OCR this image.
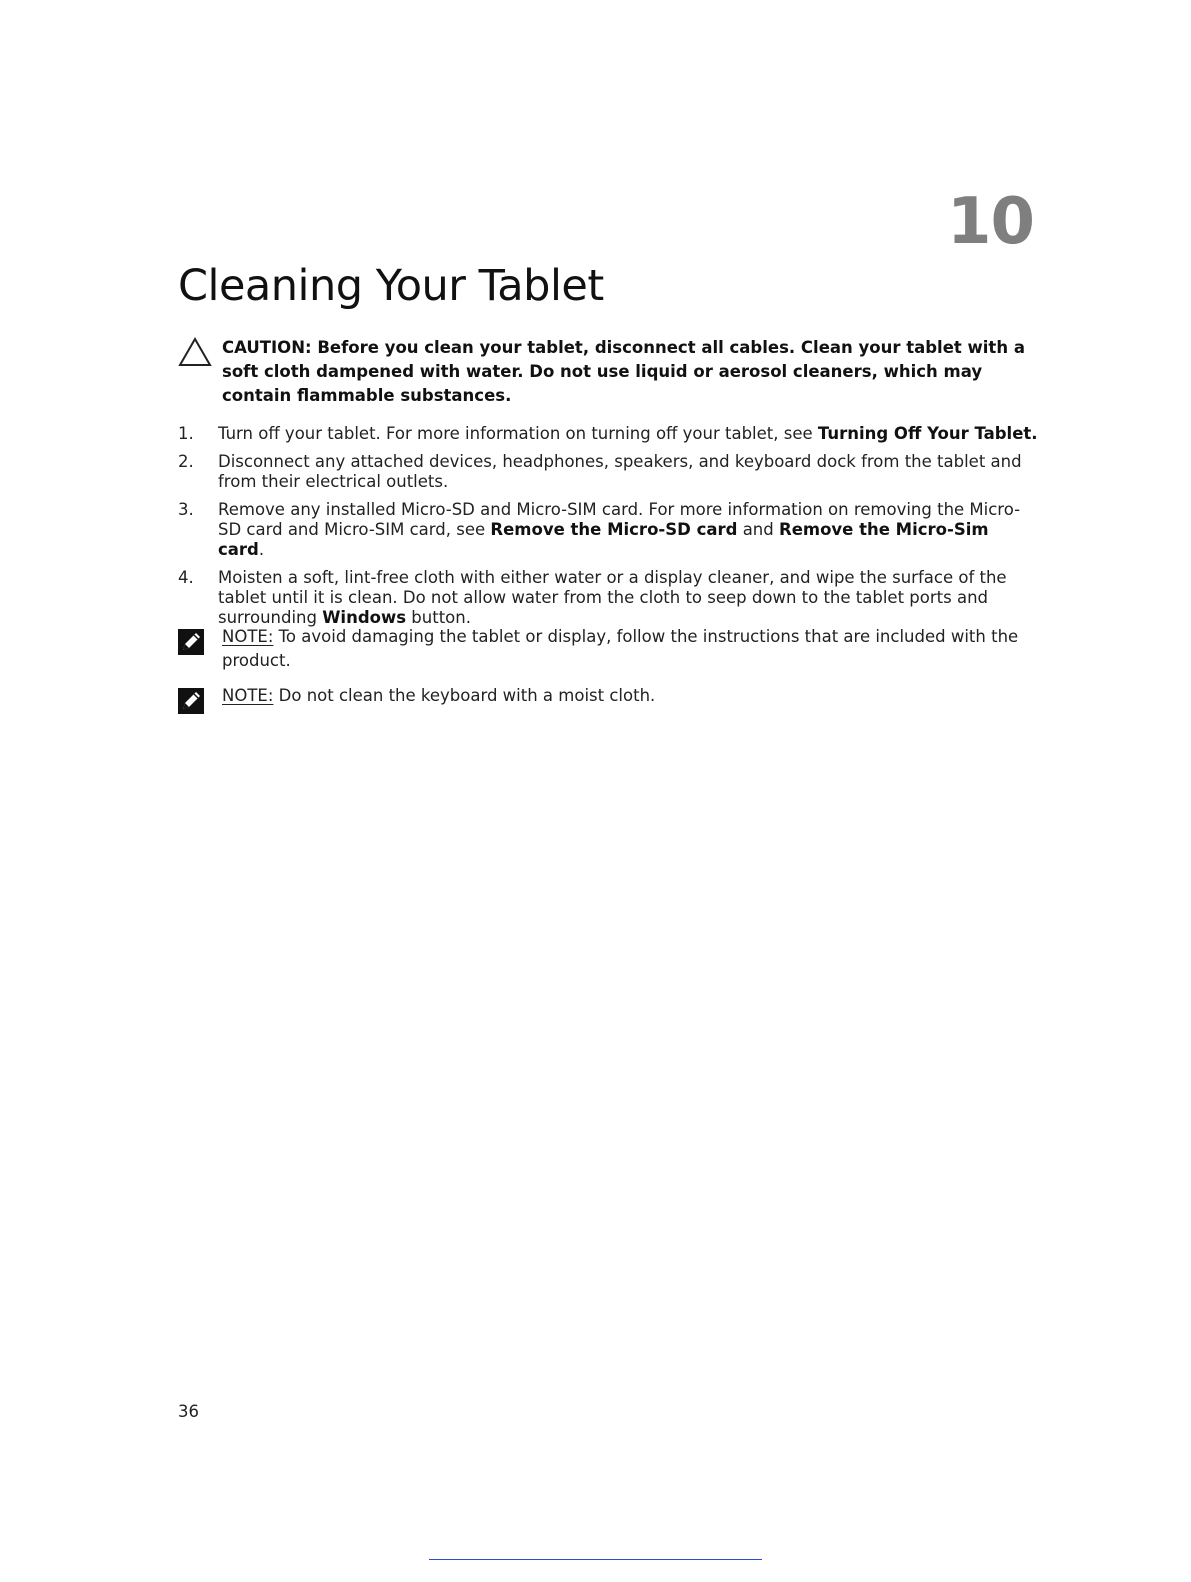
10
Cleaning Your Tablet
CAUTION: Before you clean your tablet, disconnect all cables. Clean your tablet with a soft cloth dampened with water. Do not use liquid or aerosol cleaners, which may contain flammable substances.
1.	Turn off your tablet. For more information on turning off your tablet, see Turning Off Your Tablet.
2.	Disconnect any attached devices, headphones, speakers, and keyboard dock from the tablet and from their electrical outlets.
3.	Remove any installed Micro-SD and Micro-SIM card. For more information on removing the Micro-SD card and Micro-SIM card, see Remove the Micro-SD card and Remove the Micro-Sim card.
4.	Moisten a soft, lint-free cloth with either water or a display cleaner, and wipe the surface of the tablet until it is clean. Do not allow water from the cloth to seep down to the tablet ports and surrounding Windows button.
NOTE: To avoid damaging the tablet or display, follow the instructions that are included with the product.
NOTE: Do not clean the keyboard with a moist cloth.
36
